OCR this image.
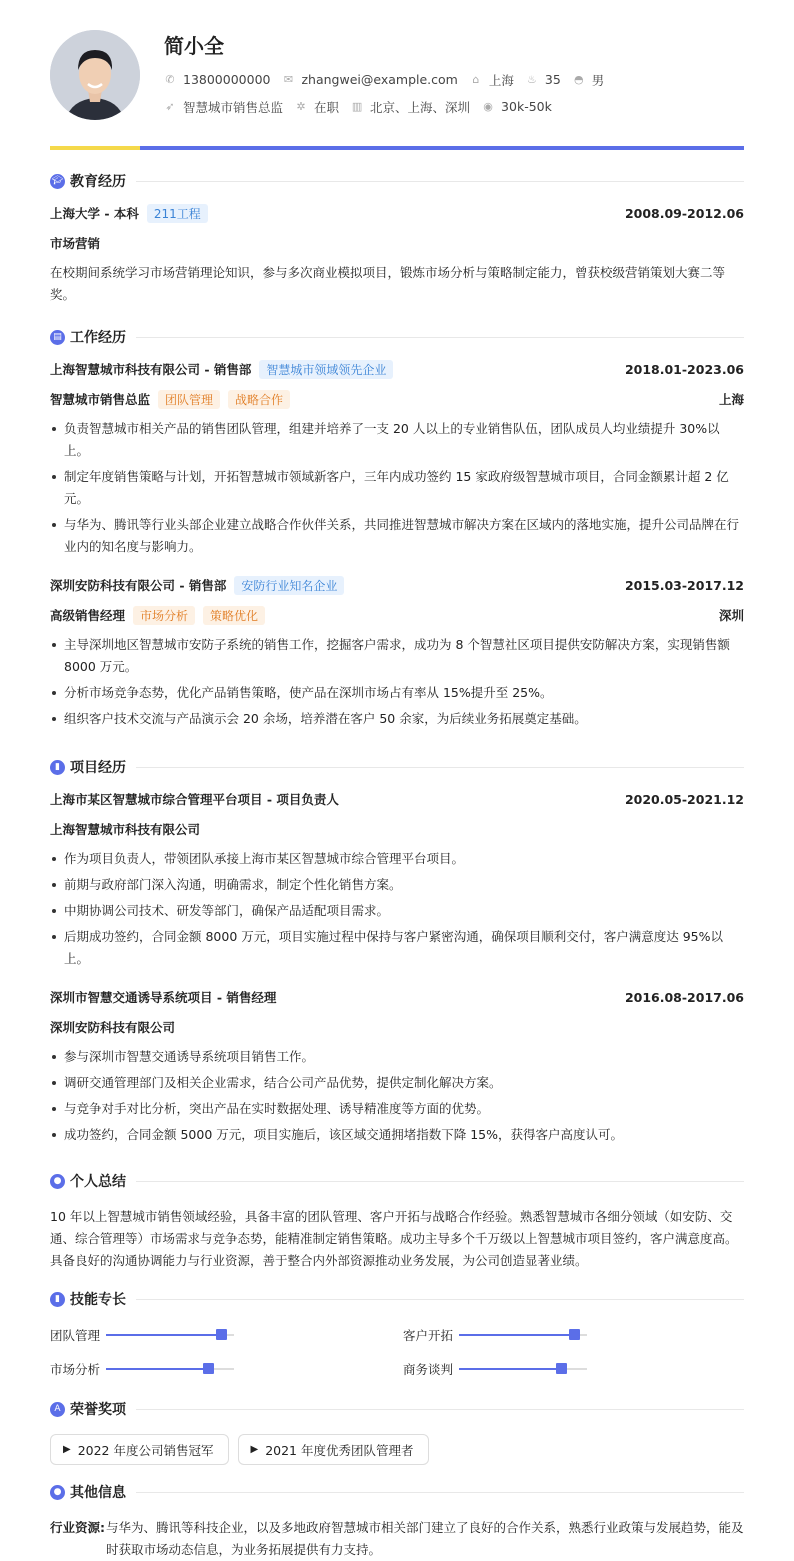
简小全
✆ 13800000000 ✉ zhangwei@example.com ⌂ 上海 ♨ 35 ◓ 男
➶ 智慧城市销售总监 ✲ 在职 ▥ 北京、上海、深圳 ◉ 30k-50k
🎓︎ 教育经历
上海大学 - 本科	211工程	2008.09-2012.06
市场营销
在校期间系统学习市场营销理论知识，参与多次商业模拟项目，锻炼市场分析与策略制定能力，曾获校级营销策划大赛二等奖。
▤ 工作经历
上海智慧城市科技有限公司 - 销售部	智慧城市领域领先企业	2018.01-2023.06
智慧城市销售总监	团队管理	战略合作	上海
负责智慧城市相关产品的销售团队管理，组建并培养了一支 20 人以上的专业销售队伍，团队成员人均业绩提升 30%以上。
制定年度销售策略与计划，开拓智慧城市领域新客户，三年内成功签约 15 家政府级智慧城市项目，合同金额累计超 2 亿元。
与华为、腾讯等行业头部企业建立战略合作伙伴关系，共同推进智慧城市解决方案在区域内的落地实施，提升公司品牌在行业内的知名度与影响力。
深圳安防科技有限公司 - 销售部	安防行业知名企业	2015.03-2017.12
高级销售经理	市场分析	策略优化	深圳
主导深圳地区智慧城市安防子系统的销售工作，挖掘客户需求，成功为 8 个智慧社区项目提供安防解决方案，实现销售额 8000 万元。
分析市场竞争态势，优化产品销售策略，使产品在深圳市场占有率从 15%提升至 25%。
组织客户技术交流与产品演示会 20 余场，培养潜在客户 50 余家，为后续业务拓展奠定基础。
▮ 项目经历
上海市某区智慧城市综合管理平台项目 - 项目负责人	2020.05-2021.12
上海智慧城市科技有限公司
作为项目负责人，带领团队承接上海市某区智慧城市综合管理平台项目。
前期与政府部门深入沟通，明确需求，制定个性化销售方案。
中期协调公司技术、研发等部门，确保产品适配项目需求。
后期成功签约，合同金额 8000 万元，项目实施过程中保持与客户紧密沟通，确保项目顺利交付，客户满意度达 95%以上。
深圳市智慧交通诱导系统项目 - 销售经理	2016.08-2017.06
深圳安防科技有限公司
参与深圳市智慧交通诱导系统项目销售工作。
调研交通管理部门及相关企业需求，结合公司产品优势，提供定制化解决方案。
与竞争对手对比分析，突出产品在实时数据处理、诱导精准度等方面的优势。
成功签约，合同金额 5000 万元，项目实施后，该区域交通拥堵指数下降 15%，获得客户高度认可。
● 个人总结
10 年以上智慧城市销售领域经验，具备丰富的团队管理、客户开拓与战略合作经验。熟悉智慧城市各细分领域（如安防、交通、综合管理等）市场需求与竞争态势，能精准制定销售策略。成功主导多个千万级以上智慧城市项目签约，客户满意度高。具备良好的沟通协调能力与行业资源，善于整合内外部资源推动业务发展，为公司创造显著业绩。
▮ 技能专长
团队管理	客户开拓
市场分析	商务谈判
A 荣誉奖项
▶ 2022 年度公司销售冠军	▶ 2021 年度优秀团队管理者
● 其他信息
行业资源: 与华为、腾讯等科技企业，以及多地政府智慧城市相关部门建立了良好的合作关系，熟悉行业政策与发展趋势，能及时获取市场动态信息，为业务拓展提供有力支持。
